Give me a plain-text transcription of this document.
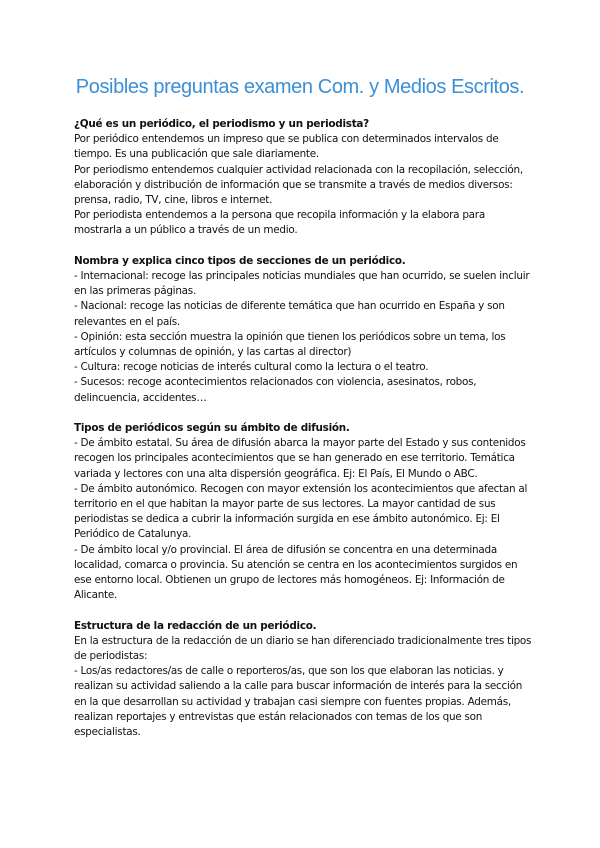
Posibles preguntas examen Com. y Medios Escritos.

¿Qué es un periódico, el periodismo y un periodista?

Por periódico entendemos un impreso que se publica con determinados intervalos de tiempo. Es una publicación que sale diariamente.

Por periodismo entendemos cualquier actividad relacionada con la recopilación, selección, elaboración y distribución de información que se transmite a través de medios diversos: prensa, radio, TV, cine, libros e internet.

Por periodista entendemos a la persona que recopila información y la elabora para mostrarla a un público a través de un medio.

Nombra y explica cinco tipos de secciones de un periódico.

- Internacional: recoge las principales noticias mundiales que han ocurrido, se suelen incluir en las primeras páginas.

- Nacional: recoge las noticias de diferente temática que han ocurrido en España y son relevantes en el país.

- Opinión: esta sección muestra la opinión que tienen los periódicos sobre un tema, los artículos y columnas de opinión, y las cartas al director)

- Cultura: recoge noticias de interés cultural como la lectura o el teatro.

- Sucesos: recoge acontecimientos relacionados con violencia, asesinatos, robos, delincuencia, accidentes…

Tipos de periódicos según su ámbito de difusión.

- De ámbito estatal. Su área de difusión abarca la mayor parte del Estado y sus contenidos recogen los principales acontecimientos que se han generado en ese territorio. Temática variada y lectores con una alta dispersión geográfica. Ej: El País, El Mundo o ABC.

- De ámbito autonómico. Recogen con mayor extensión los acontecimientos que afectan al territorio en el que habitan la mayor parte de sus lectores. La mayor cantidad de sus periodistas se dedica a cubrir la información surgida en ese ámbito autonómico. Ej: El Periódico de Catalunya.

- De ámbito local y/o provincial. El área de difusión se concentra en una determinada localidad, comarca o provincia. Su atención se centra en los acontecimientos surgidos en ese entorno local. Obtienen un grupo de lectores más homogéneos. Ej: Información de Alicante.

Estructura de la redacción de un periódico.

En la estructura de la redacción de un diario se han diferenciado tradicionalmente tres tipos de periodistas:

- Los/as redactores/as de calle o reporteros/as, que son los que elaboran las noticias. y realizan su actividad saliendo a la calle para buscar información de interés para la sección en la que desarrollan su actividad y trabajan casi siempre con fuentes propias. Además, realizan reportajes y entrevistas que están relacionados con temas de los que son especialistas.
